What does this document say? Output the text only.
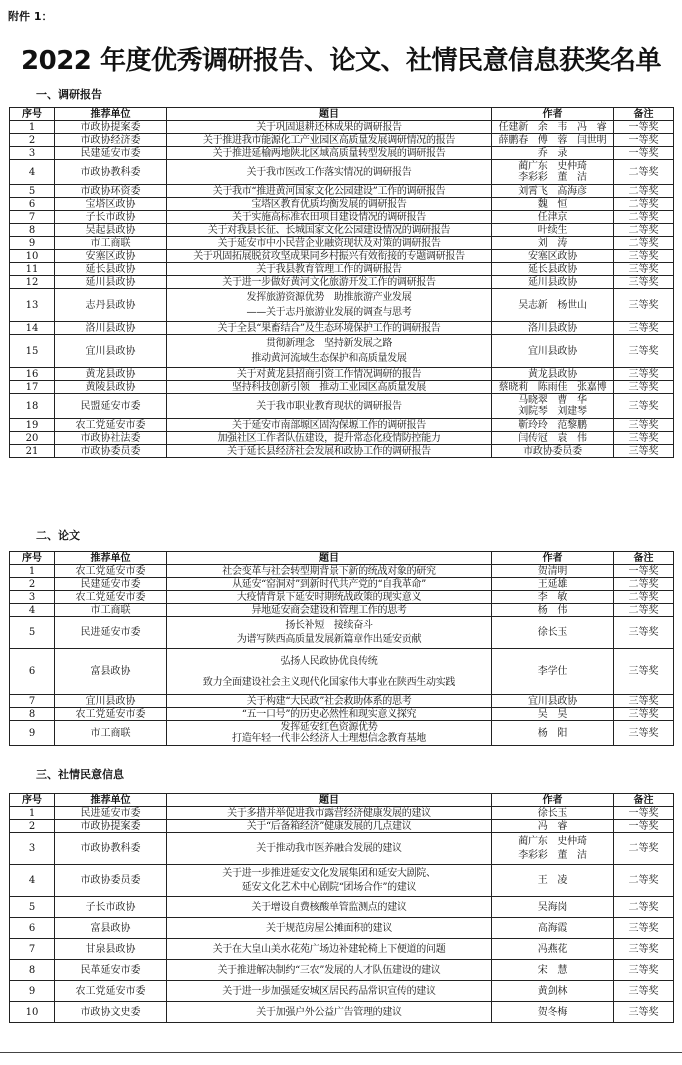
附件 1：
2022 年度优秀调研报告、论文、社情民意信息获奖名单
一、调研报告
序号	推荐单位	题目	作者	备注
1	市政协提案委	关于巩固退耕还林成果的调研报告	任建新　余　韦　冯　睿	一等奖
2	市政协经济委	关于推进我市能源化工产业园区高质量发展调研情况的报告	薛鹏春　傅　蓉　闫世明	一等奖
3	民建延安市委	关于推进延榆两地陕北区域高质量转型发展的调研报告	乔　录	一等奖
4	市政协教科委	关于我市医改工作落实情况的调研报告	蔺广东　史仲琦
李彩彩　董　洁	二等奖
5	市政协环资委	关于我市“推进黄河国家文化公园建设”工作的调研报告	刘霄飞　高海彦	二等奖
6	宝塔区政协	宝塔区教育优质均衡发展的调研报告	魏　恒	二等奖
7	子长市政协	关于实施高标准农田项目建设情况的调研报告	任津京	二等奖
8	吴起县政协	关于对我县长征、长城国家文化公园建设情况的调研报告	叶续生	二等奖
9	市工商联	关于延安市中小民营企业融资现状及对策的调研报告	刘　涛	二等奖
10	安塞区政协	关于巩固拓展脱贫攻坚成果同乡村振兴有效衔接的专题调研报告	安塞区政协	三等奖
11	延长县政协	关于我县教育管理工作的调研报告	延长县政协	三等奖
12	延川县政协	关于进一步做好黄河文化旅游开发工作的调研报告	延川县政协	三等奖
13	志丹县政协	发挥旅游资源优势　助推旅游产业发展
——关于志丹旅游业发展的调查与思考	吴志新　杨世山	三等奖
14	洛川县政协	关于全县“果畜结合”及生态环境保护工作的调研报告	洛川县政协	三等奖
15	宜川县政协	贯彻新理念　坚持新发展之路
推动黄河流域生态保护和高质量发展	宜川县政协	三等奖
16	黄龙县政协	关于对黄龙县招商引资工作情况调研的报告	黄龙县政协	三等奖
17	黄陵县政协	坚持科技创新引领　推动工业园区高质量发展	蔡晓莉　陈雨佳　张嘉博	三等奖
18	民盟延安市委	关于我市职业教育现状的调研报告	马晓翠　曹　华
刘院琴　刘建琴	三等奖
19	农工党延安市委	关于延安市南部塬区固沟保塬工作的调研报告	靳玲玲　范黎鹏	三等奖
20	市政协社法委	加强社区工作者队伍建设，提升常态化疫情防控能力	闫传冠　袁　伟	三等奖
21	市政协委员委	关于延长县经济社会发展和政协工作的调研报告	市政协委员委	三等奖
二、论文
序号	推荐单位	题目	作者	备注
1	农工党延安市委	社会变革与社会转型期背景下新的统战对象的研究	贺清明	一等奖
2	民建延安市委	从延安“窑洞对”到新时代共产党的“自我革命”	王延雄	二等奖
3	农工党延安市委	大疫情背景下延安时期统战政策的现实意义	李　敏	二等奖
4	市工商联	异地延安商会建设和管理工作的思考	杨　伟	二等奖
5	民进延安市委	扬长补短　接续奋斗
为谱写陕西高质量发展新篇章作出延安贡献	徐长玉	三等奖
6	富县政协	弘扬人民政协优良传统
致力全面建设社会主义现代化国家伟大事业在陕西生动实践	李学仕	三等奖
7	宜川县政协	关于构建“大民政”社会救助体系的思考	宜川县政协	三等奖
8	农工党延安市委	“五一口号”的历史必然性和现实意义探究	吴　昊	三等奖
9	市工商联	发挥延安红色资源优势
打造年轻一代非公经济人士理想信念教育基地	杨　阳	三等奖
三、社情民意信息
序号	推荐单位	题目	作者	备注
1	民进延安市委	关于多措并举促进我市露营经济健康发展的建议	徐长玉	一等奖
2	市政协提案委	关于“后备箱经济”健康发展的几点建议	冯　睿	一等奖
3	市政协教科委	关于推动我市医养融合发展的建议	蔺广东　史仲琦
李彩彩　董　洁	二等奖
4	市政协委员委	关于进一步推进延安文化发展集团和延安大剧院、
延安文化艺术中心剧院“团场合作”的建议	王　凌	二等奖
5	子长市政协	关于增设自费核酸单管监测点的建议	吴海岗	二等奖
6	富县政协	关于规范房屋公摊面积的建议	高海霞	三等奖
7	甘泉县政协	关于在大皇山美水花苑广场边补建轮椅上下便道的问题	冯燕花	三等奖
8	民革延安市委	关于推进解决制约“三农”发展的人才队伍建设的建议	宋　慧	三等奖
9	农工党延安市委	关于进一步加强延安城区居民药品常识宣传的建议	黄剑林	三等奖
10	市政协文史委	关于加强户外公益广告管理的建议	贺冬梅	三等奖
